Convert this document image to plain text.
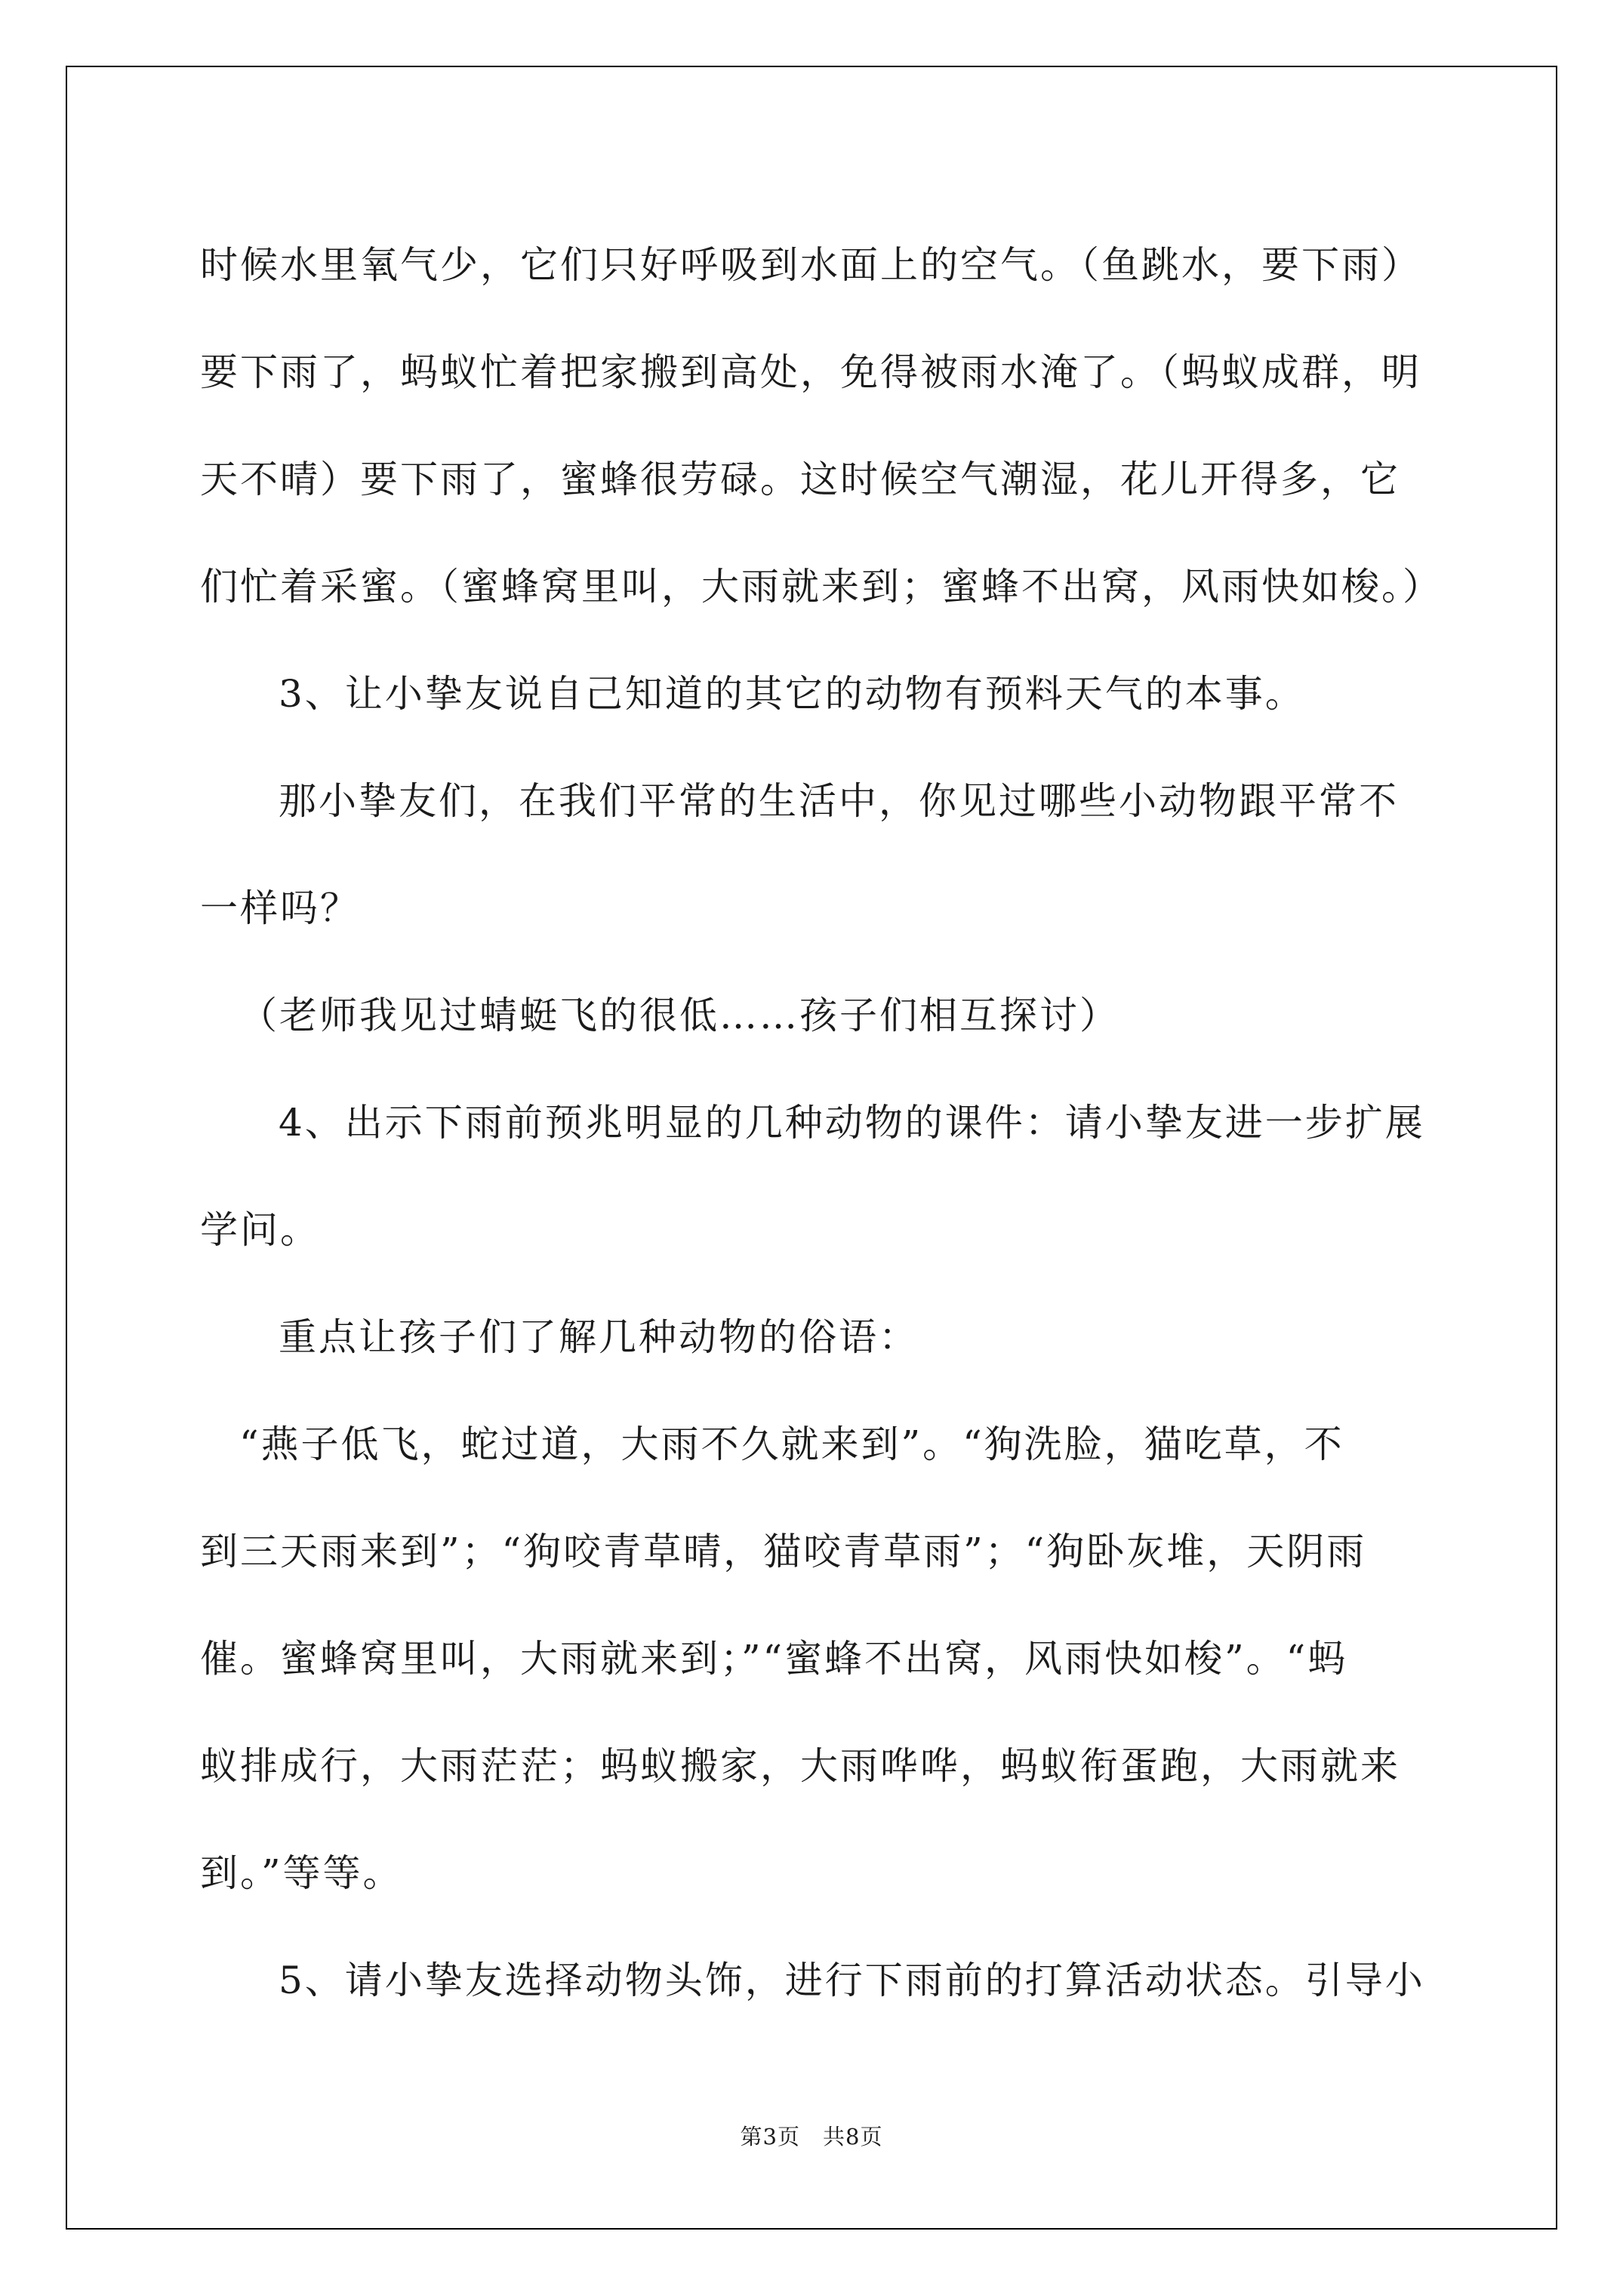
时候水里氧气少，它们只好呼吸到水面上的空气。（鱼跳水，要下雨）
要下雨了，蚂蚁忙着把家搬到高处，免得被雨水淹了。（蚂蚁成群，明
天不晴）要下雨了，蜜蜂很劳碌。这时候空气潮湿，花儿开得多，它
们忙着采蜜。（蜜蜂窝里叫，大雨就来到；蜜蜂不出窝，风雨快如梭。）
3、让小挚友说自己知道的其它的动物有预料天气的本事。
那小挚友们，在我们平常的生活中，你见过哪些小动物跟平常不
一样吗？
（老师我见过蜻蜓飞的很低……孩子们相互探讨）
4、出示下雨前预兆明显的几种动物的课件：请小挚友进一步扩展
学问。
重点让孩子们了解几种动物的俗语：
“燕子低飞，蛇过道，大雨不久就来到”。“狗洗脸，猫吃草，不
到三天雨来到”；“狗咬青草晴，猫咬青草雨”；“狗卧灰堆，天阴雨
催。蜜蜂窝里叫，大雨就来到；”“蜜蜂不出窝，风雨快如梭”。“蚂
蚁排成行，大雨茫茫；蚂蚁搬家，大雨哗哗，蚂蚁衔蛋跑，大雨就来
到。”等等。
5、请小挚友选择动物头饰，进行下雨前的打算活动状态。引导小
第3页　共8页
